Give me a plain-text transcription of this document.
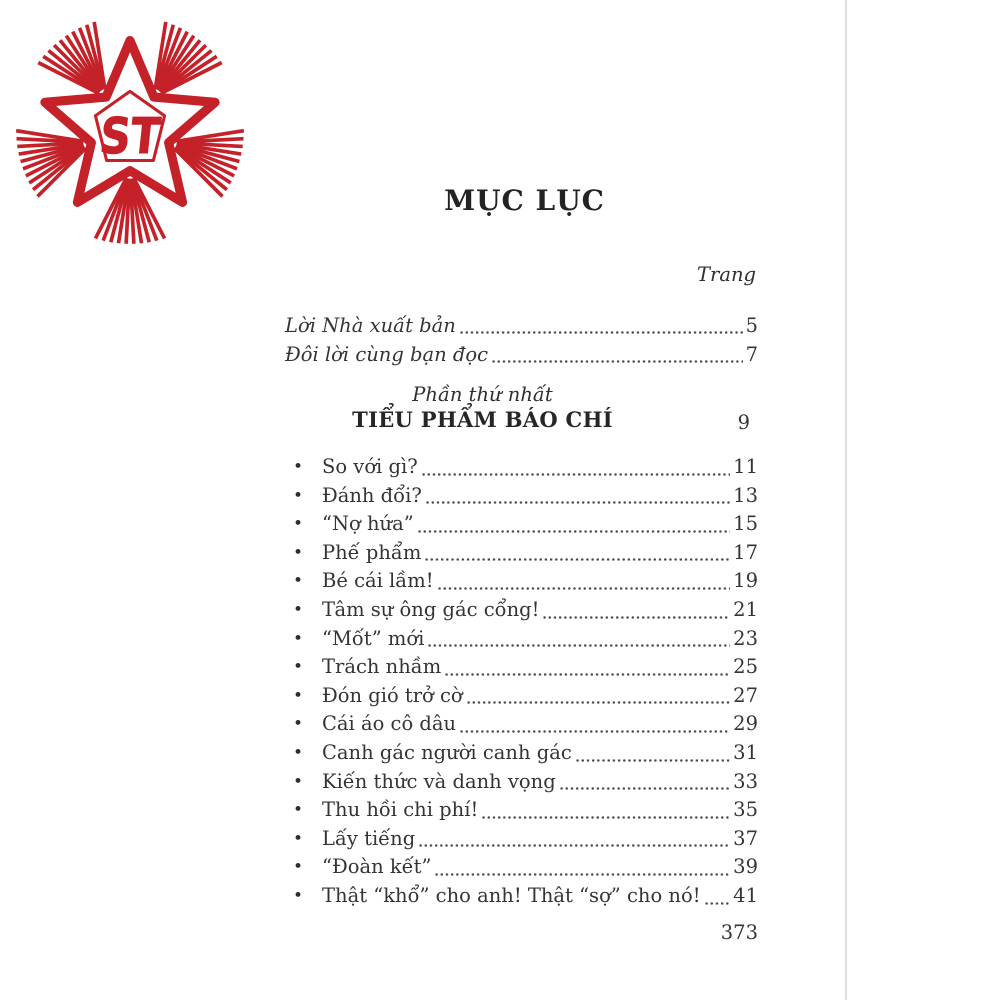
ST
MỤC LỤC
Trang
Lời Nhà xuất bản	5
Đôi lời cùng bạn đọc	7
Phần thứ nhất
TIỂU PHẨM BÁO CHÍ	9
• So với gì?	11
• Đánh đổi?	13
• “Nợ hứa”	15
• Phế phẩm	17
• Bé cái lầm!	19
• Tâm sự ông gác cổng!	21
• “Mốt” mới	23
• Trách nhầm	25
• Đón gió trở cờ	27
• Cái áo cô dâu	29
• Canh gác người canh gác	31
• Kiến thức và danh vọng	33
• Thu hồi chi phí!	35
• Lấy tiếng	37
• “Đoàn kết”	39
• Thật “khổ” cho anh! Thật “sợ” cho nó! 41
373
